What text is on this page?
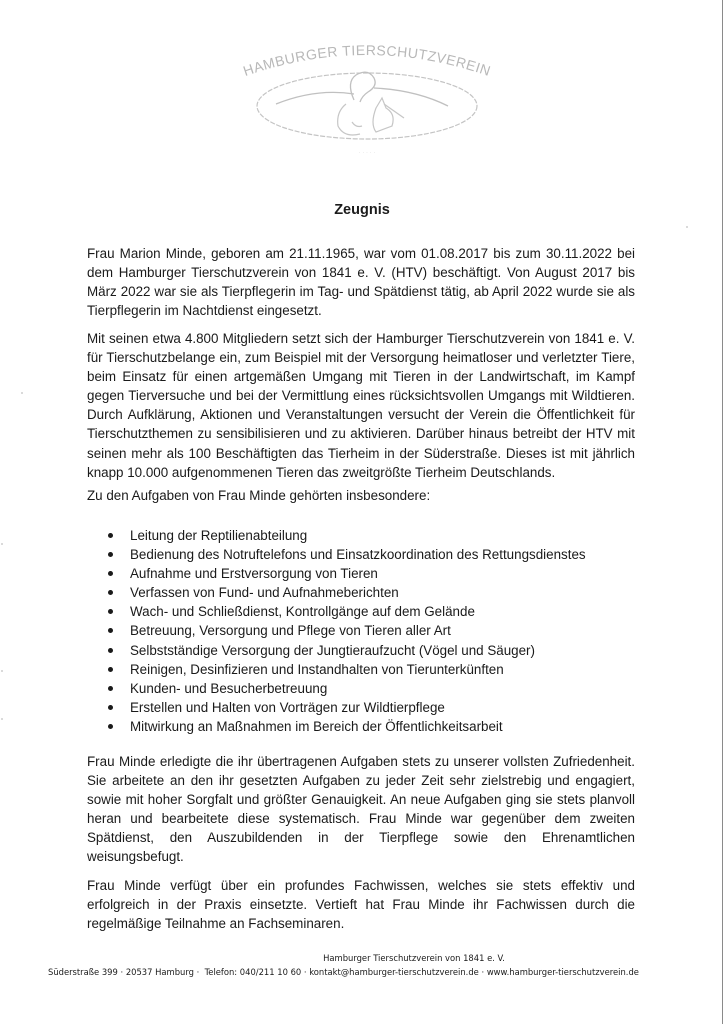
HAMBURGER TIERSCHUTZVEREIN
· · · · ·
Zeugnis

Frau Marion Minde, geboren am 21.11.1965, war vom 01.08.2017 bis zum 30.11.2022 bei dem Hamburger Tierschutzverein von 1841 e. V. (HTV) beschäftigt. Von August 2017 bis März 2022 war sie als Tierpflegerin im Tag- und Spätdienst tätig, ab April 2022 wurde sie als Tierpflegerin im Nachtdienst eingesetzt.

Mit seinen etwa 4.800 Mitgliedern setzt sich der Hamburger Tierschutzverein von 1841 e. V. für Tierschutzbelange ein, zum Beispiel mit der Versorgung heimatloser und verletzter Tiere, beim Einsatz für einen artgemäßen Umgang mit Tieren in der Landwirtschaft, im Kampf gegen Tierversuche und bei der Vermittlung eines rücksichtsvollen Umgangs mit Wildtieren. Durch Aufklärung, Aktionen und Veranstaltungen versucht der Verein die Öffentlichkeit für Tierschutzthemen zu sensibilisieren und zu aktivieren. Darüber hinaus betreibt der HTV mit seinen mehr als 100 Beschäftigten das Tierheim in der Süderstraße. Dieses ist mit jährlich knapp 10.000 aufgenommenen Tieren das zweitgrößte Tierheim Deutschlands.

Zu den Aufgaben von Frau Minde gehörten insbesondere:

Leitung der Reptilienabteilung
Bedienung des Notruftelefons und Einsatzkoordination des Rettungsdienstes
Aufnahme und Erstversorgung von Tieren
Verfassen von Fund- und Aufnahmeberichten
Wach- und Schließdienst, Kontrollgänge auf dem Gelände
Betreuung, Versorgung und Pflege von Tieren aller Art
Selbstständige Versorgung der Jungtieraufzucht (Vögel und Säuger)
Reinigen, Desinfizieren und Instandhalten von Tierunterkünften
Kunden- und Besucherbetreuung
Erstellen und Halten von Vorträgen zur Wildtierpflege
Mitwirkung an Maßnahmen im Bereich der Öffentlichkeitsarbeit

Frau Minde erledigte die ihr übertragenen Aufgaben stets zu unserer vollsten Zufriedenheit. Sie arbeitete an den ihr gesetzten Aufgaben zu jeder Zeit sehr zielstrebig und engagiert, sowie mit hoher Sorgfalt und größter Genauigkeit. An neue Aufgaben ging sie stets planvoll heran und bearbeitete diese systematisch. Frau Minde war gegenüber dem zweiten Spätdienst, den Auszubildenden in der Tierpflege sowie den Ehrenamtlichen weisungsbefugt.

Frau Minde verfügt über ein profundes Fachwissen, welches sie stets effektiv und erfolgreich in der Praxis einsetzte. Vertieft hat Frau Minde ihr Fachwissen durch die regelmäßige Teilnahme an Fachseminaren.

Hamburger Tierschutzverein von 1841 e. V.
Süderstraße 399 · 20537 Hamburg · Telefon: 040/211 10 60 · kontakt@hamburger-tierschutzverein.de · www.hamburger-tierschutzverein.de
